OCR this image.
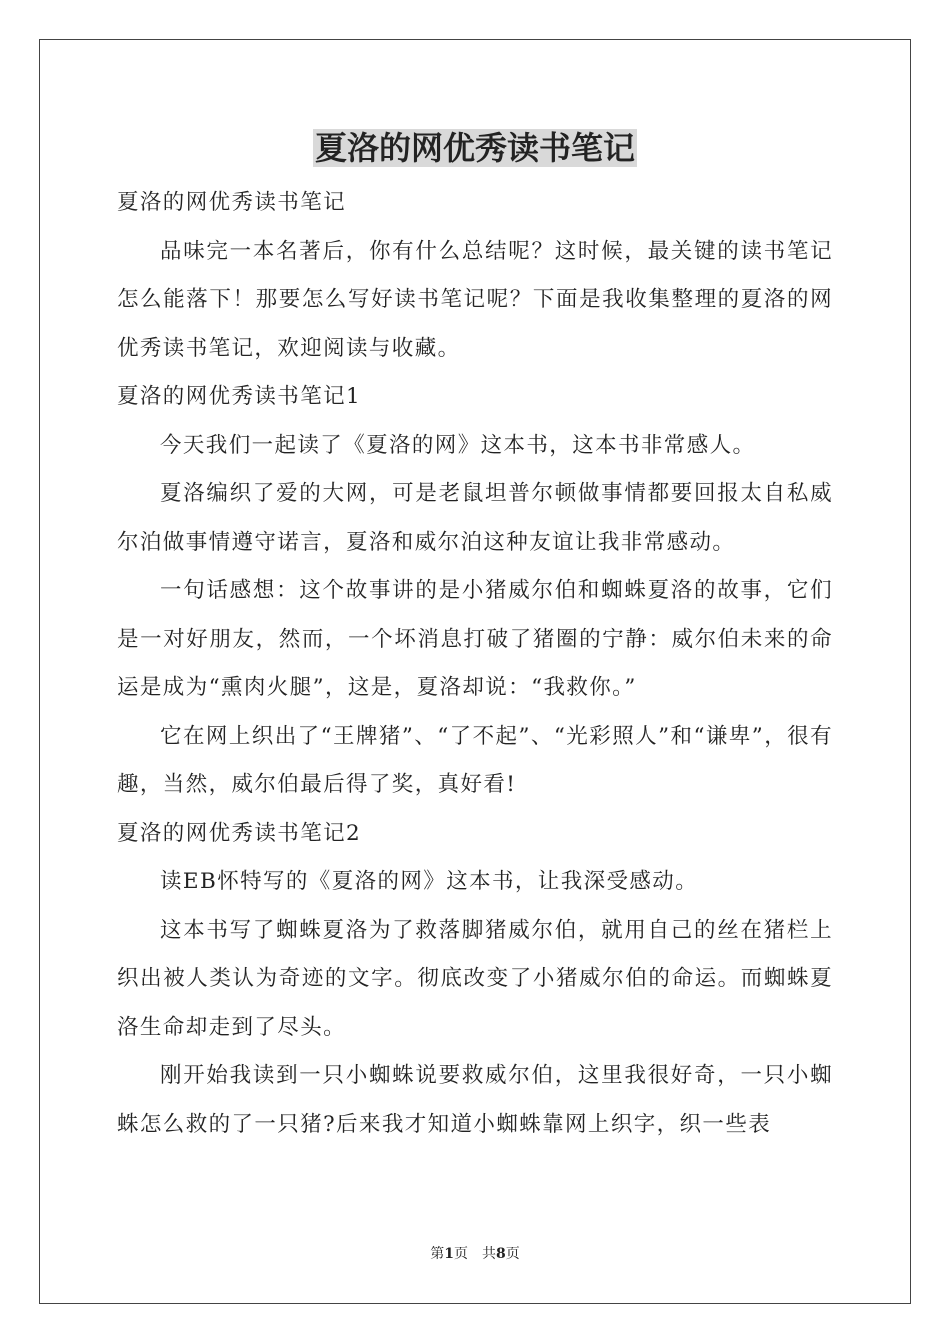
夏洛的网优秀读书笔记

夏洛的网优秀读书笔记

品味完一本名著后，你有什么总结呢？这时候，最关键的读书笔记怎么能落下！那要怎么写好读书笔记呢？下面是我收集整理的夏洛的网优秀读书笔记，欢迎阅读与收藏。

夏洛的网优秀读书笔记1

今天我们一起读了《夏洛的网》这本书，这本书非常感人。

夏洛编织了爱的大网，可是老鼠坦普尔顿做事情都要回报太自私威尔泊做事情遵守诺言，夏洛和威尔泊这种友谊让我非常感动。

一句话感想：这个故事讲的是小猪威尔伯和蜘蛛夏洛的故事，它们是一对好朋友，然而，一个坏消息打破了猪圈的宁静：威尔伯未来的命运是成为“熏肉火腿”，这是，夏洛却说：“我救你。”

它在网上织出了“王牌猪”、“了不起”、“光彩照人”和“谦卑”，很有趣，当然，威尔伯最后得了奖，真好看!

夏洛的网优秀读书笔记2

读EB怀特写的《夏洛的网》这本书，让我深受感动。

这本书写了蜘蛛夏洛为了救落脚猪威尔伯，就用自己的丝在猪栏上织出被人类认为奇迹的文字。彻底改变了小猪威尔伯的命运。而蜘蛛夏洛生命却走到了尽头。

刚开始我读到一只小蜘蛛说要救威尔伯，这里我很好奇，一只小蜘蛛怎么救的了一只猪?后来我才知道小蜘蛛靠网上织字，织一些表

第1页 共8页
